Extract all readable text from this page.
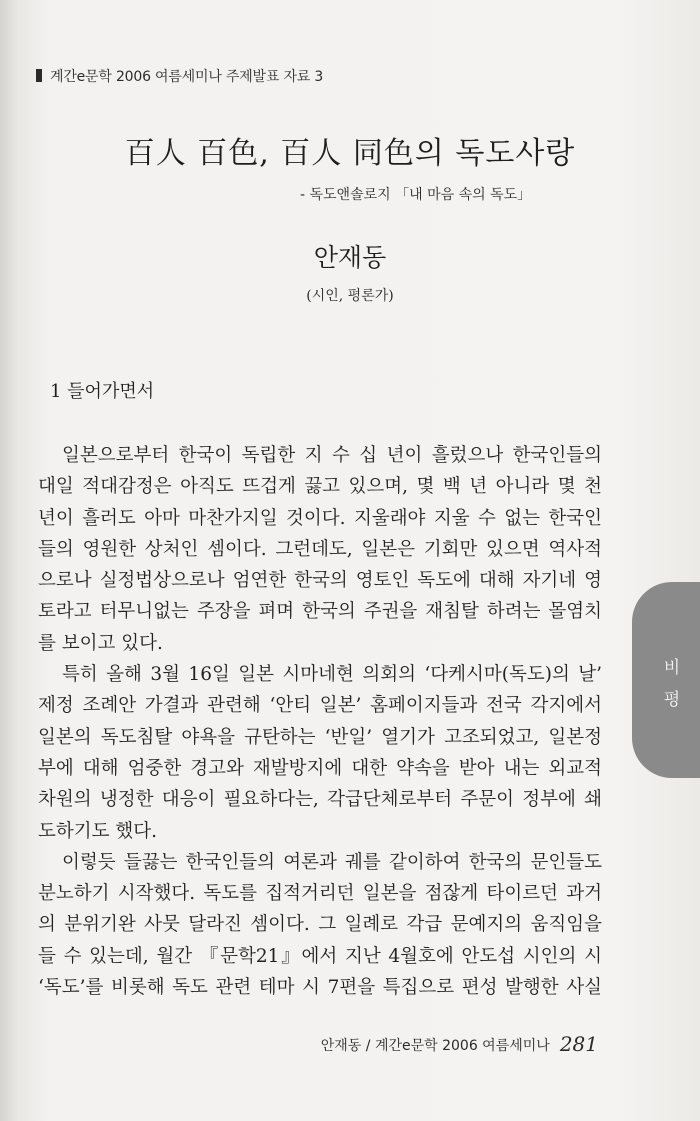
계간e문학 2006 여름세미나 주제발표 자료 3
百人 百色, 百人 同色의 독도사랑
- 독도앤솔로지 「내 마음 속의 독도」
안재동
(시인, 평론가)
1 들어가면서
일본으로부터 한국이 독립한 지 수 십 년이 흘렀으나 한국인들의
대일 적대감정은 아직도 뜨겁게 끓고 있으며, 몇 백 년 아니라 몇 천
년이 흘러도 아마 마찬가지일 것이다. 지울래야 지울 수 없는 한국인
들의 영원한 상처인 셈이다. 그런데도, 일본은 기회만 있으면 역사적
으로나 실정법상으로나 엄연한 한국의 영토인 독도에 대해 자기네 영
토라고 터무니없는 주장을 펴며 한국의 주권을 재침탈 하려는 몰염치
를 보이고 있다.
특히 올해 3월 16일 일본 시마네현 의회의 ‘다케시마(독도)의 날’
제정 조례안 가결과 관련해 ‘안티 일본’ 홈페이지들과 전국 각지에서
일본의 독도침탈 야욕을 규탄하는 ‘반일’ 열기가 고조되었고, 일본정
부에 대해 엄중한 경고와 재발방지에 대한 약속을 받아 내는 외교적
차원의 냉정한 대응이 필요하다는, 각급단체로부터 주문이 정부에 쇄
도하기도 했다.
이렇듯 들끓는 한국인들의 여론과 궤를 같이하여 한국의 문인들도
분노하기 시작했다. 독도를 집적거리던 일본을 점잖게 타이르던 과거
의 분위기완 사뭇 달라진 셈이다. 그 일례로 각급 문예지의 움직임을
들 수 있는데, 월간 『문학21』에서 지난 4월호에 안도섭 시인의 시
‘독도’를 비롯해 독도 관련 테마 시 7편을 특집으로 편성 발행한 사실
비평
안재동 / 계간e문학 2006 여름세미나 281
